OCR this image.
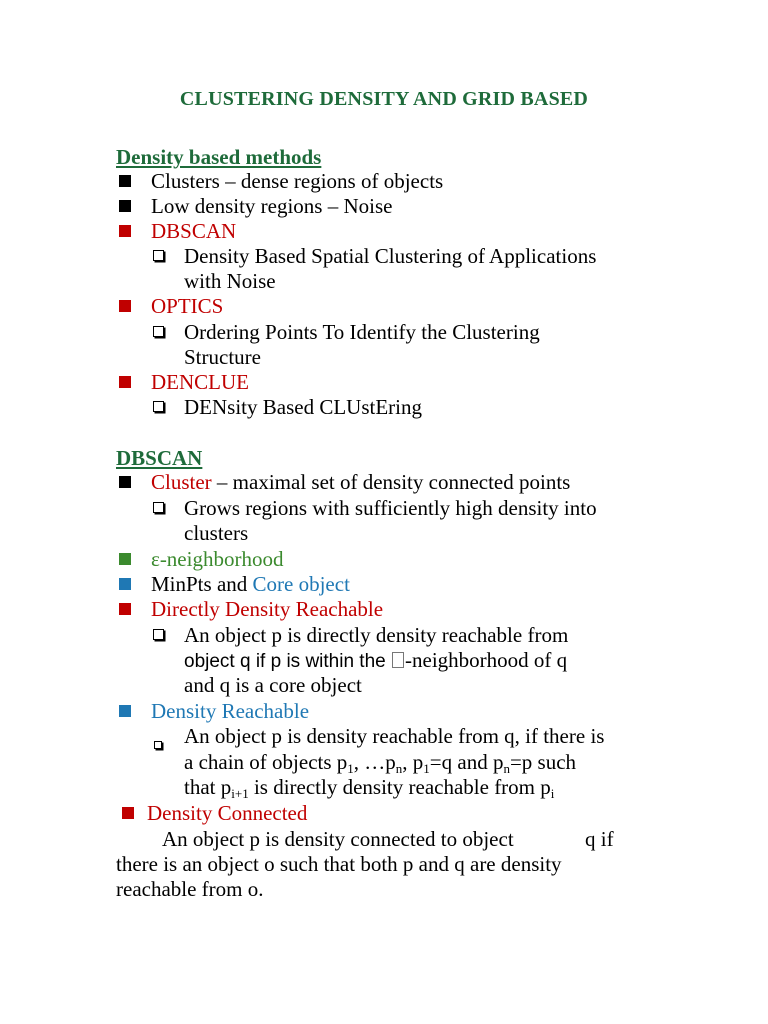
CLUSTERING DENSITY AND GRID BASED
Density based methods
Clusters – dense regions of objects
Low density regions – Noise
DBSCAN
Density Based Spatial Clustering of Applications
with Noise
OPTICS
Ordering Points To Identify the Clustering
Structure
DENCLUE
DENsity Based CLUstEring
DBSCAN
Cluster – maximal set of density connected points
Grows regions with sufficiently high density into
clusters
ε-neighborhood
MinPts and Core object
Directly Density Reachable
An object p is directly density reachable from
object q if p is within the -neighborhood of q
and q is a core object
Density Reachable
An object p is density reachable from q, if there is
a chain of objects $p_1$, $\dots p_n$, $p_1=q$ and $p_n=p$ such
that $p_{i+1}$ is directly density reachable from $p_i$
Density Connected
An object p is density connected to object	q if
there is an object o such that both p and q are density
reachable from o.
